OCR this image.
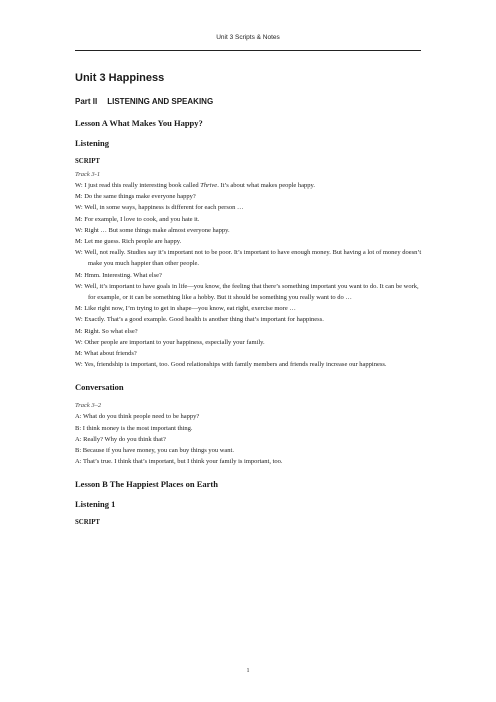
Unit 3 Scripts & Notes
Unit 3 Happiness
Part II LISTENING AND SPEAKING
Lesson A What Makes You Happy?
Listening
SCRIPT
Track 3-1

W: I just read this really interesting book called Thrive. It’s about what makes people happy.

M: Do the same things make everyone happy?

W: Well, in some ways, happiness is different for each person …

M: For example, I love to cook, and you hate it.

W: Right … But some things make almost everyone happy.

M: Let me guess. Rich people are happy.

W: Well, not really. Studies say it’s important not to be poor. It’s important to have enough money. But having a lot of money doesn’t make you much happier than other people.

M: Hmm. Interesting. What else?

W: Well, it’s important to have goals in life—you know, the feeling that there’s something important you want to do. It can be work, for example, or it can be something like a hobby. But it should be something you really want to do …

M: Like right now, I’m trying to get in shape—you know, eat right, exercise more …

W: Exactly. That’s a good example. Good health is another thing that’s important for happiness.

M: Right. So what else?

W: Other people are important to your happiness, especially your family.

M: What about friends?

W: Yes, friendship is important, too. Good relationships with family members and friends really increase our happiness.

Conversation
Track 3–2

A: What do you think people need to be happy?

B: I think money is the most important thing.

A: Really? Why do you think that?

B: Because if you have money, you can buy things you want.

A: That’s true. I think that’s important, but I think your family is important, too.

Lesson B The Happiest Places on Earth
Listening 1
SCRIPT
1
